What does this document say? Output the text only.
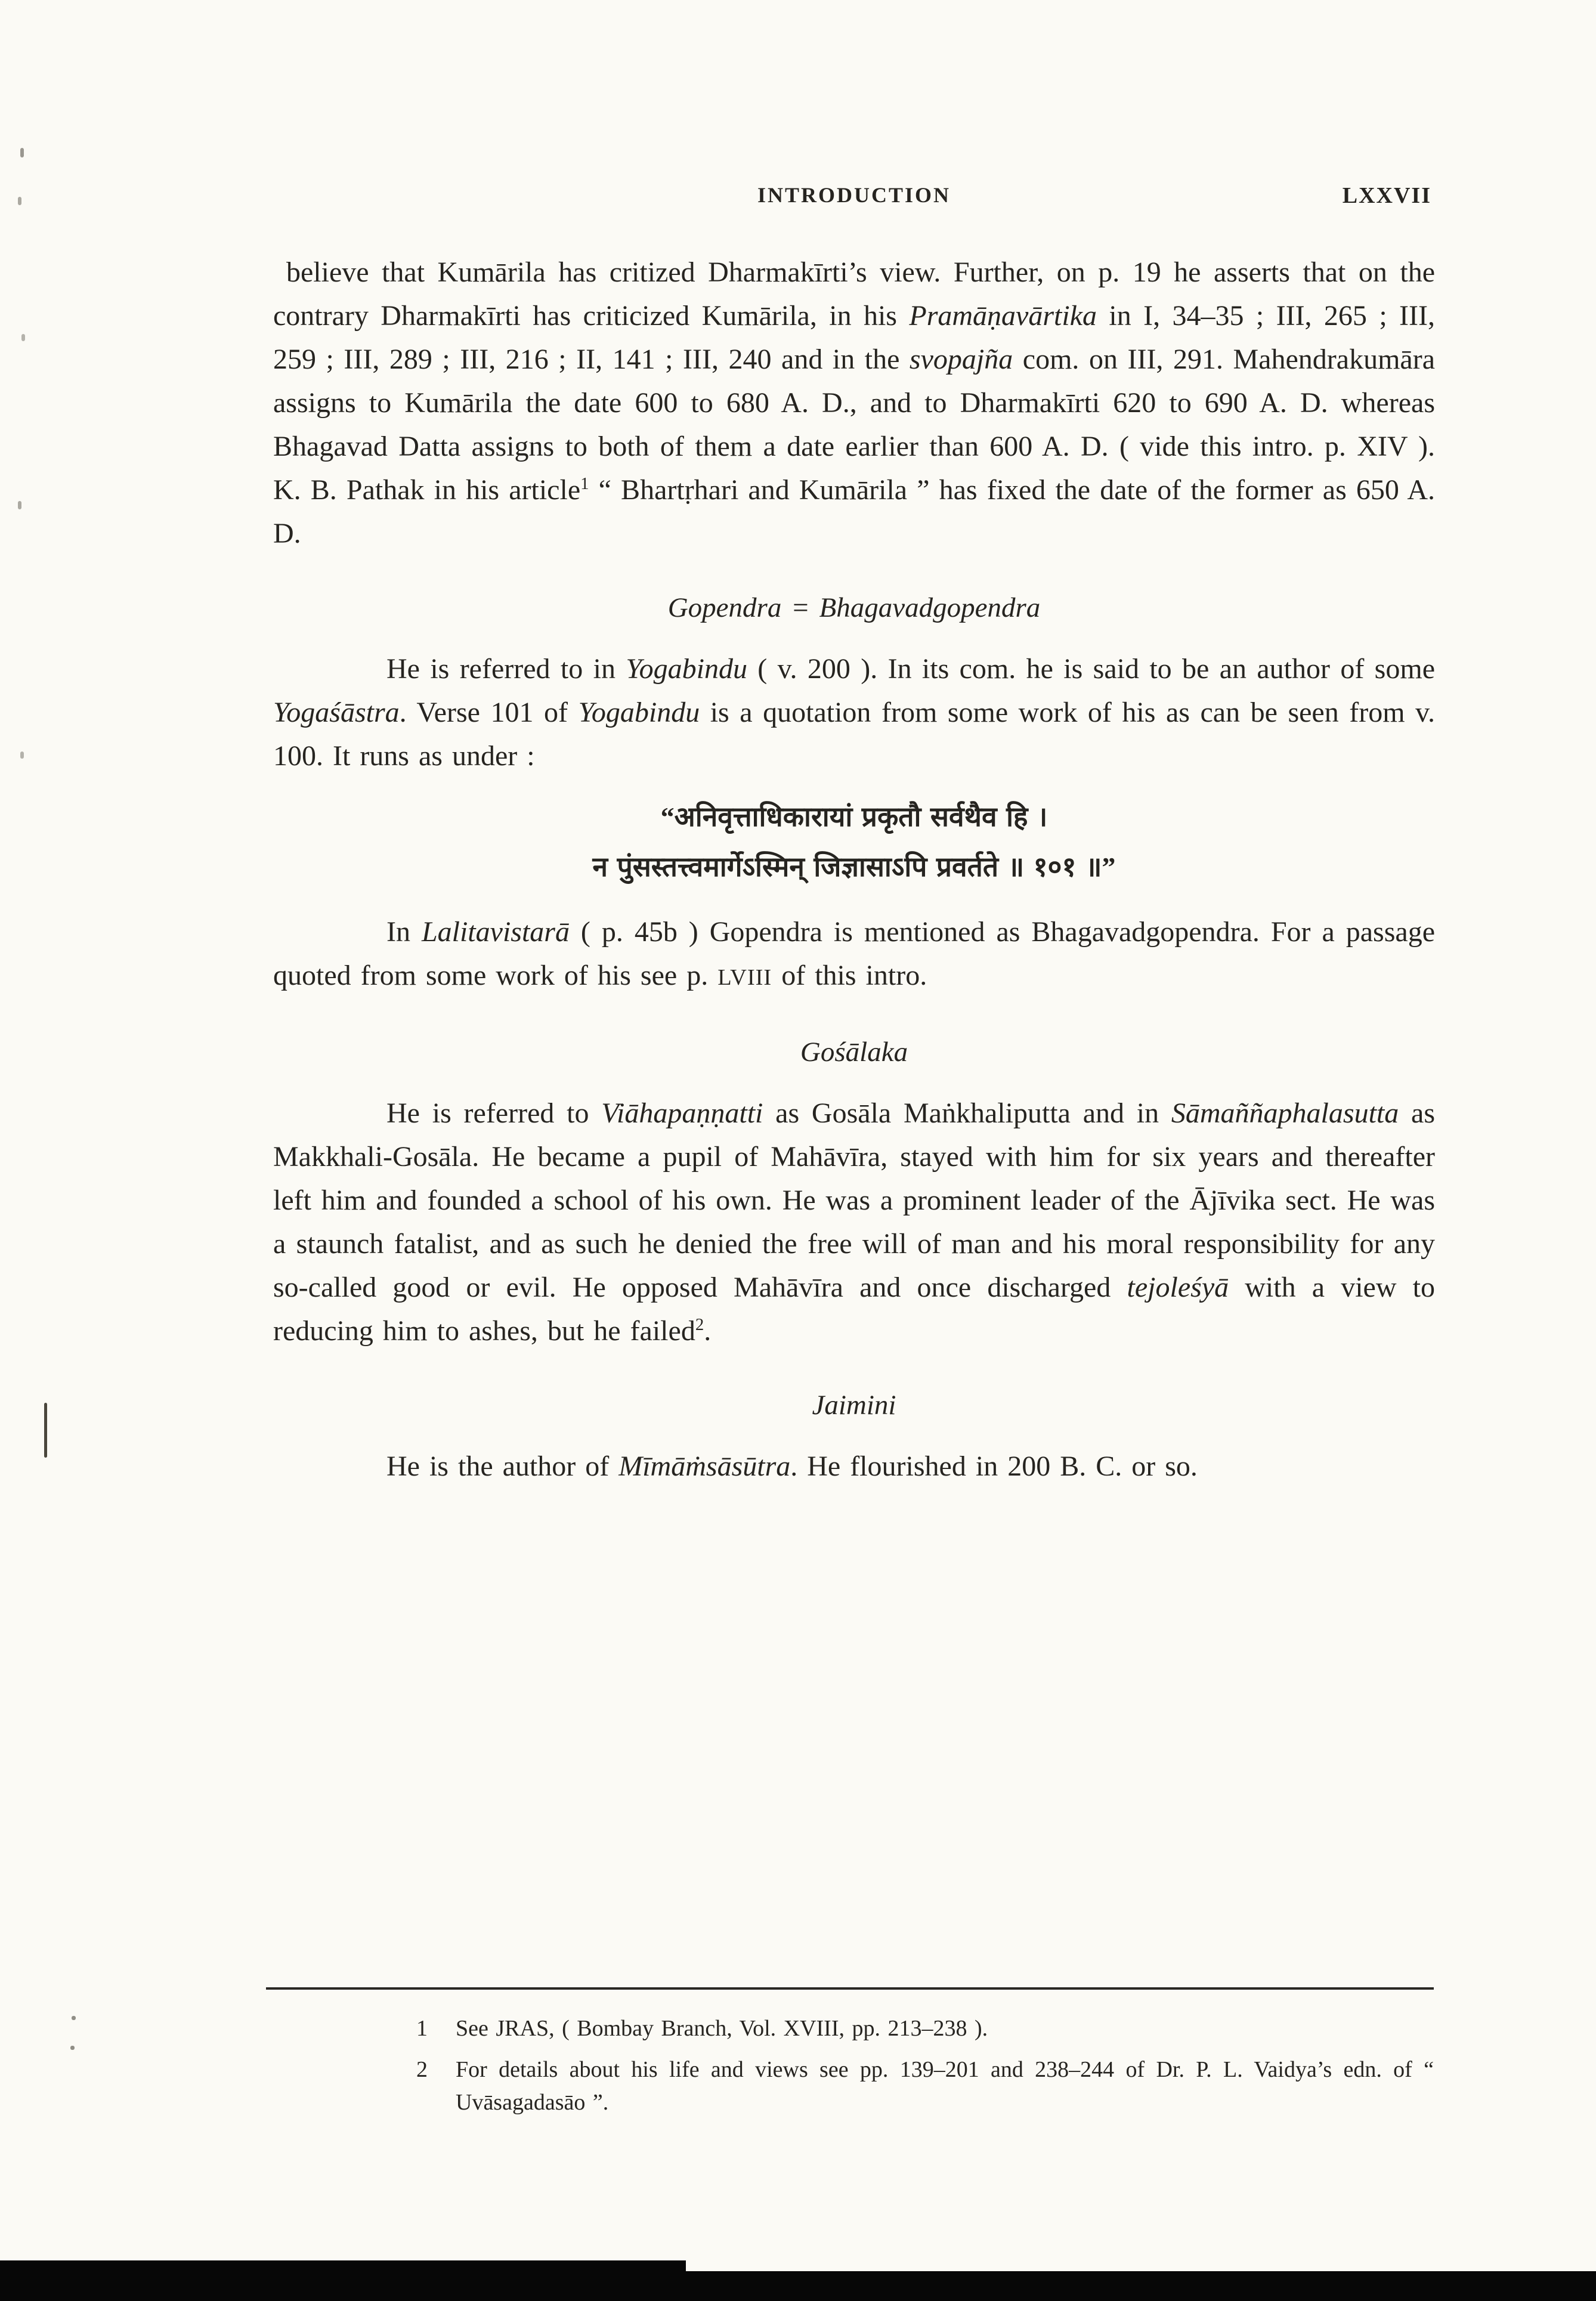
INTRODUCTION	LXXVII

believe that Kumārila has critized Dharmakīrti’s view. Further, on p. 19 he asserts that on the contrary Dharmakīrti has criticized Kumārila, in his Pramāṇavārtika in I, 34–35 ; III, 265 ; III, 259 ; III, 289 ; III, 216 ; II, 141 ; III, 240 and in the svopajña com. on III, 291. Mahendrakumāra assigns to Kumārila the date 600 to 680 A. D., and to Dharmakīrti 620 to 690 A. D. whereas Bhagavad Datta assigns to both of them a date earlier than 600 A. D. ( vide this intro. p. XIV ). K. B. Pathak in his article$^1$ “ Bhartṛhari and Kumārila ” has fixed the date of the former as 650 A. D.

Gopendra = Bhagavadgopendra

He is referred to in Yogabindu ( v. 200 ). In its com. he is said to be an author of some Yogaśāstra. Verse 101 of Yogabindu is a quotation from some work of his as can be seen from v. 100. It runs as under :

“अनिवृत्ताधिकारायां प्रकृतौ सर्वथैव हि ।
न पुंसस्तत्त्वमार्गेऽस्मिन् जिज्ञासाऽपि प्रवर्तते ॥ १०१ ॥”

In Lalitavistarā ( p. 45b ) Gopendra is mentioned as Bhagavadgopendra. For a passage quoted from some work of his see p. LVIII of this intro.

Gośālaka

He is referred to Viāhapaṇṇatti as Gosāla Maṅkhaliputta and in Sāmaññaphalasutta as Makkhali-Gosāla. He became a pupil of Mahāvīra, stayed with him for six years and thereafter left him and founded a school of his own. He was a prominent leader of the Ājīvika sect. He was a staunch fatalist, and as such he denied the free will of man and his moral responsibility for any so-called good or evil. He opposed Mahāvīra and once discharged tejoleśyā with a view to reducing him to ashes, but he failed$^2$.

Jaimini

He is the author of Mīmāṁsāsūtra. He flourished in 200 B. C. or so.

1	See JRAS, ( Bombay Branch, Vol. XVIII, pp. 213–238 ).
2	For details about his life and views see pp. 139–201 and 238–244 of Dr. P. L. Vaidya’s edn. of “ Uvāsagadasāo ”.
